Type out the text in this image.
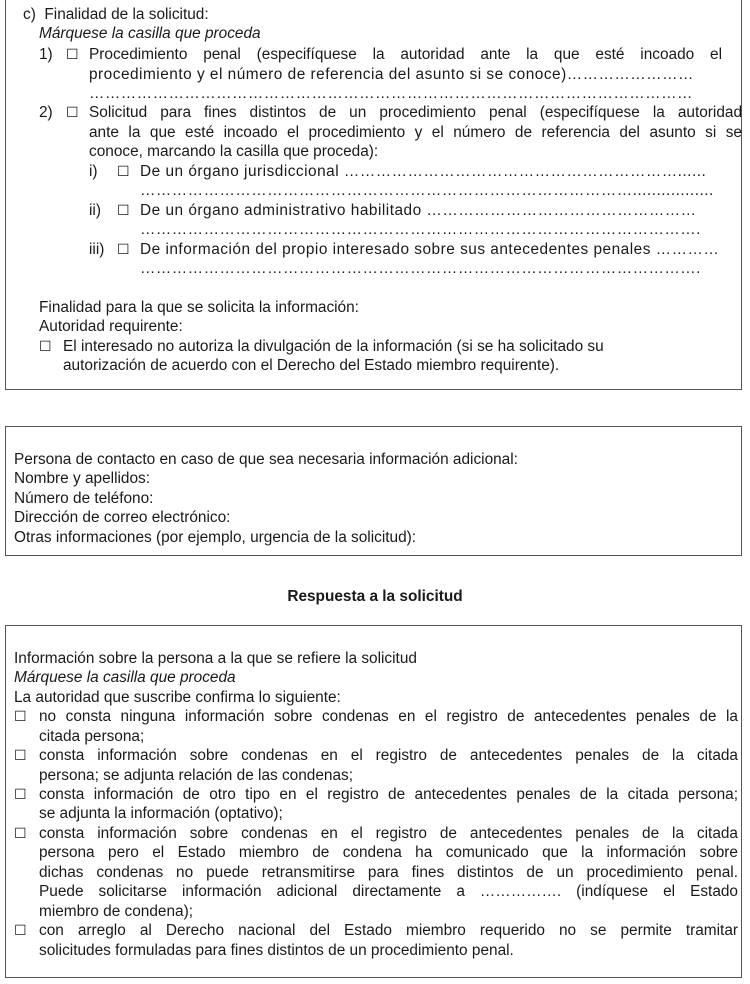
c)  Finalidad de la solicitud:
Márquese la casilla que proceda
1) ☐ Procedimiento penal (especifíquese la autoridad ante la que esté incoado el
procedimiento y el número de referencia del asunto si se conoce)……………………
……………………………………………………………………………………………………
2) ☐ Solicitud para fines distintos de un procedimiento penal (especifíquese la autoridad
ante la que esté incoado el procedimiento y el número de referencia del asunto si se
conoce, marcando la casilla que proceda):
i) ☐ De un órgano jurisdiccional ………………………………………………………......
………………………………………………………………………………….................
ii) ☐ De un órgano administrativo habilitado ……………………………………………
…………………………………………………………………………………………….
iii) ☐ De información del propio interesado sobre sus antecedentes penales …………
…………………………………………………………………………………………….
Finalidad para la que se solicita la información:
Autoridad requirente:
☐ El interesado no autoriza la divulgación de la información (si se ha solicitado su
autorización de acuerdo con el Derecho del Estado miembro requirente).
Persona de contacto en caso de que sea necesaria información adicional:
Nombre y apellidos:
Número de teléfono:
Dirección de correo electrónico:
Otras informaciones (por ejemplo, urgencia de la solicitud):
Respuesta a la solicitud
Información sobre la persona a la que se refiere la solicitud
Márquese la casilla que proceda
La autoridad que suscribe confirma lo siguiente:
☐ no consta ninguna información sobre condenas en el registro de antecedentes penales de la
citada persona;
☐ consta información sobre condenas en el registro de antecedentes penales de la citada
persona; se adjunta relación de las condenas;
☐ consta información de otro tipo en el registro de antecedentes penales de la citada persona;
se adjunta la información (optativo);
☐ consta información sobre condenas en el registro de antecedentes penales de la citada
persona pero el Estado miembro de condena ha comunicado que la información sobre
dichas condenas no puede retransmitirse para fines distintos de un procedimiento penal.
Puede solicitarse información adicional directamente a ……………. (indíquese el Estado
miembro de condena);
☐ con arreglo al Derecho nacional del Estado miembro requerido no se permite tramitar
solicitudes formuladas para fines distintos de un procedimiento penal.
